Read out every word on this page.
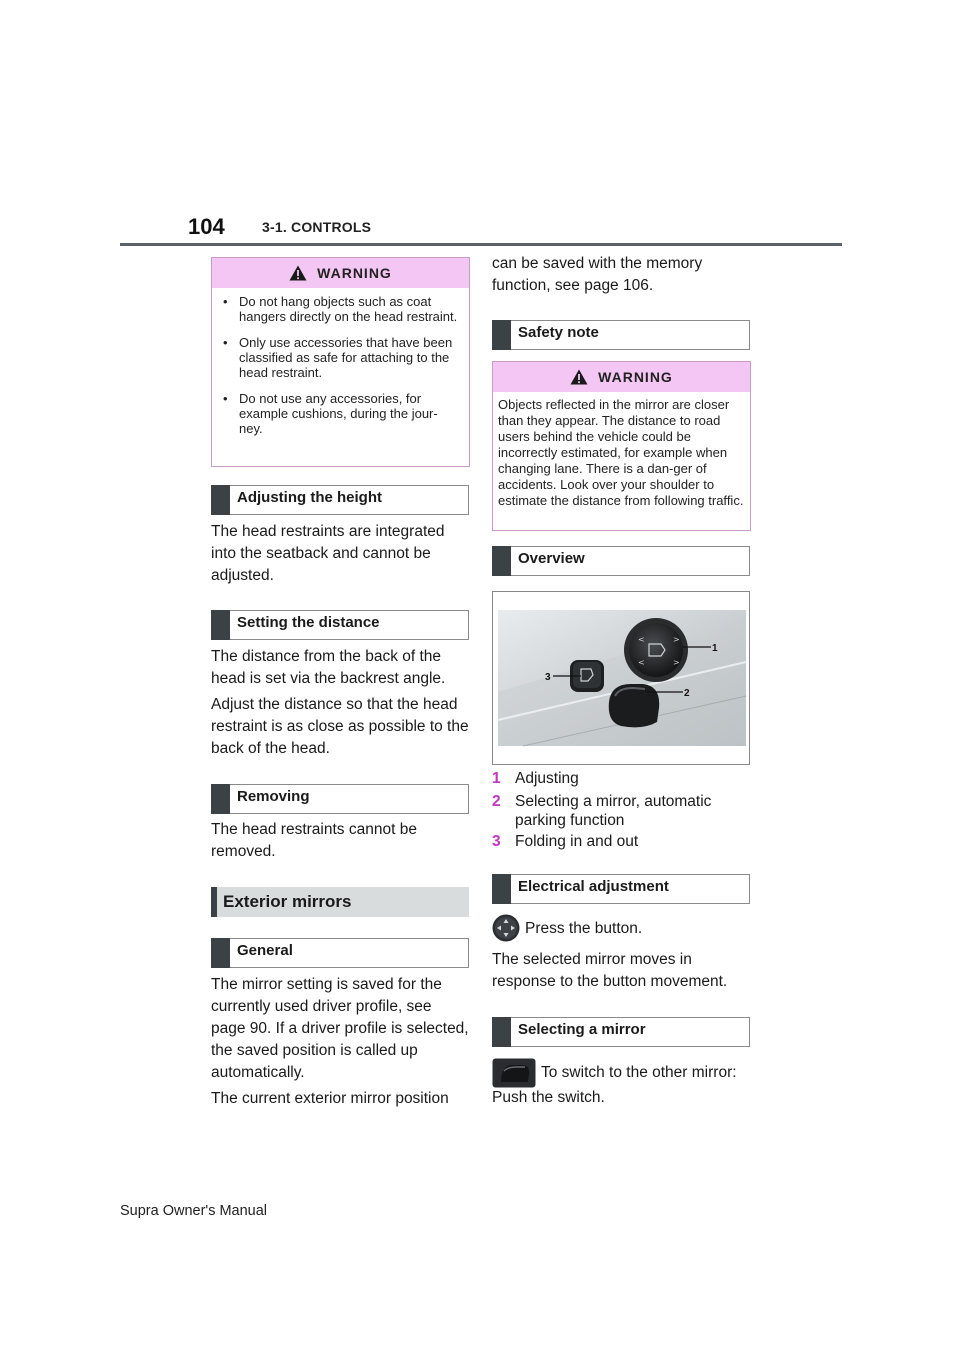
104	3-1. CONTROLS
WARNING
• Do not hang objects such as coat hangers directly on the head restraint.
• Only use accessories that have been classified as safe for attaching to the head restraint.
• Do not use any accessories, for example cushions, during the jour-ney.
Adjusting the height

The head restraints are integrated into the seatback and cannot be adjusted.

Setting the distance

The distance from the back of the head is set via the backrest angle.

Adjust the distance so that the head restraint is as close as possible to the back of the head.

Removing

The head restraints cannot be removed.

Exterior mirrors
General

The mirror setting is saved for the currently used driver profile, see page 90. If a driver profile is selected, the saved position is called up automatically.

The current exterior mirror position

can be saved with the memory function, see page 106.

Safety note
WARNING

Objects reflected in the mirror are closer than they appear. The distance to road users behind the vehicle could be incorrectly estimated, for example when changing lane. There is a dan-ger of accidents. Look over your shoulder to estimate the distance from following traffic.

Overview
<	>
<	>
1
2
3
1 Adjusting
2 Selecting a mirror, automatic parking function
3 Folding in and out
Electrical adjustment

Press the button.

The selected mirror moves in response to the button movement.

Selecting a mirror

To switch to the other mirror:

Push the switch.

Supra Owner's Manual
